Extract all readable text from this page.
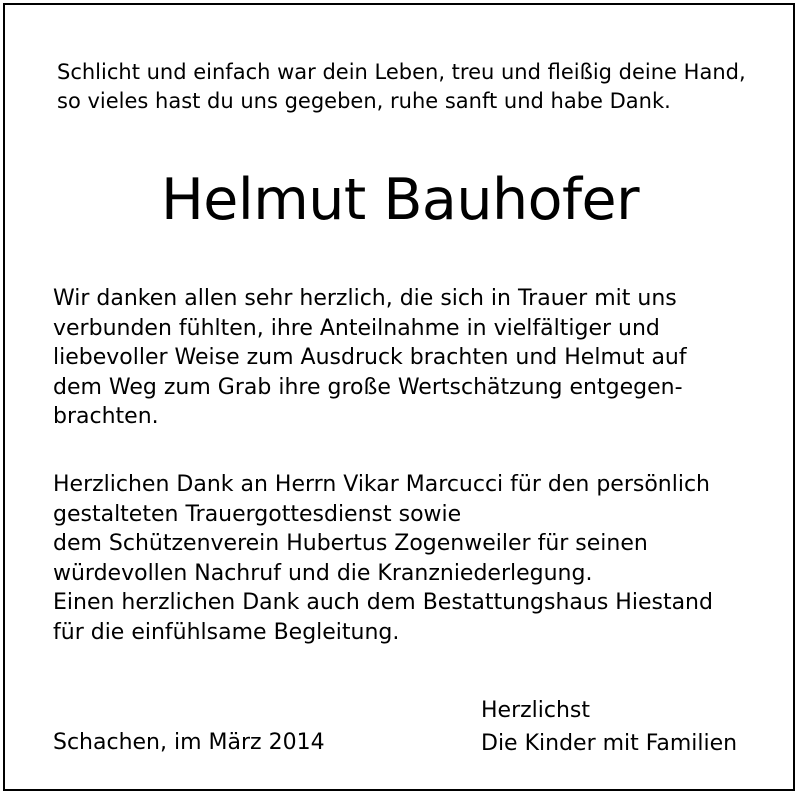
Schlicht und einfach war dein Leben, treu und fleißig deine Hand,
so vieles hast du uns gegeben, ruhe sanft und habe Dank.
Helmut Bauhofer
Wir danken allen sehr herzlich, die sich in Trauer mit uns
verbunden fühlten, ihre Anteilnahme in vielfältiger und
liebevoller Weise zum Ausdruck brachten und Helmut auf
dem Weg zum Grab ihre große Wertschätzung entgegen-
brachten.
Herzlichen Dank an Herrn Vikar Marcucci für den persönlich
gestalteten Trauergottesdienst sowie
dem Schützenverein Hubertus Zogenweiler für seinen
würdevollen Nachruf und die Kranzniederlegung.
Einen herzlichen Dank auch dem Bestattungshaus Hiestand
für die einfühlsame Begleitung.
Schachen, im März 2014
Herzlichst
Die Kinder mit Familien
